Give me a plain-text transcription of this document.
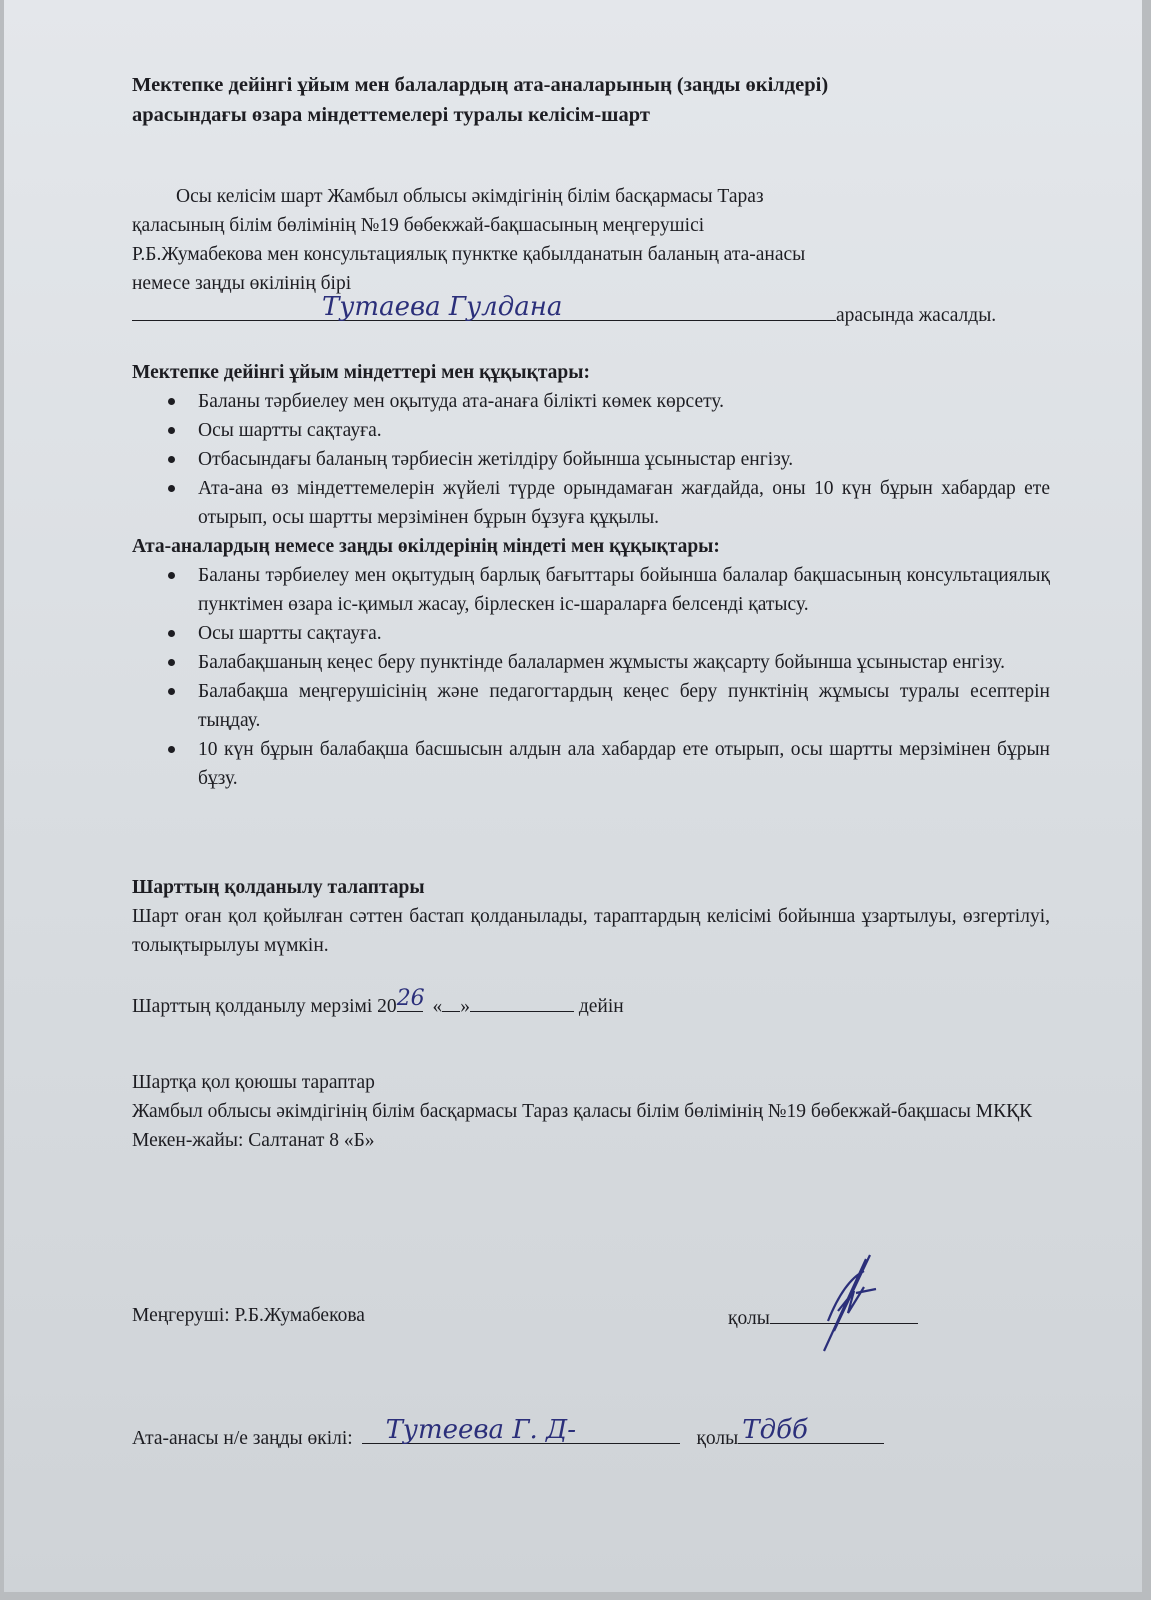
Мектепке дейінгі ұйым мен балалардың ата-аналарының (заңды өкілдері)
арасындағы өзара міндеттемелері туралы келісім-шарт
Осы келісім шарт Жамбыл облысы әкімдігінің білім басқармасы Тараз
қаласының білім бөлімінің №19 бөбекжай-бақшасының меңгерушісі
Р.Б.Жумабекова мен консультациялық пунктке қабылданатын баланың ата-анасы
немесе заңды өкілінің бірі
Тутаева Гулдана	арасында жасалды.
Мектепке дейінгі ұйым міндеттері мен құқықтары:
Баланы тәрбиелеу мен оқытуда ата-анаға білікті көмек көрсету.
Осы шартты сақтауға.
Отбасындағы баланың тәрбиесін жетілдіру бойынша ұсыныстар енгізу.
Ата-ана өз міндеттемелерін жүйелі түрде орындамаған жағдайда, оны 10 күн бұрын хабардар ете отырып, осы шартты мерзімінен бұрын бұзуға құқылы.
Ата-аналардың немесе заңды өкілдерінің міндеті мен құқықтары:
Баланы тәрбиелеу мен оқытудың барлық бағыттары бойынша балалар бақшасының консультациялық пунктімен өзара іс-қимыл жасау, бірлескен іс-шараларға белсенді қатысу.
Осы шартты сақтауға.
Балабақшаның кеңес беру пунктінде балалармен жұмысты жақсарту бойынша ұсыныстар енгізу.
Балабақша меңгерушісінің және педагогтардың кеңес беру пунктінің жұмысы туралы есептерін тыңдау.
10 күн бұрын балабақша басшысын алдын ала хабардар ете отырып, осы шартты мерзімінен бұрын бұзу.
Шарттың қолданылу талаптары
Шарт оған қол қойылған сәттен бастап қолданылады, тараптардың келісімі бойынша ұзартылуы, өзгертілуі, толықтырылуы мүмкін.
Шарттың қолданылу мерзімі 20 26 « »	дейін
Шартқа қол қоюшы тараптар
Жамбыл облысы әкімдігінің білім басқармасы Тараз қаласы білім бөлімінің №19 бөбекжай-бақшасы МКҚК
Мекен-жайы: Салтанат 8 «Б»
Меңгеруші: Р.Б.Жумабекова	қолы
Ата-анасы н/е заңды өкілі: Тутеева Г. Д-	қолы Тдбб
